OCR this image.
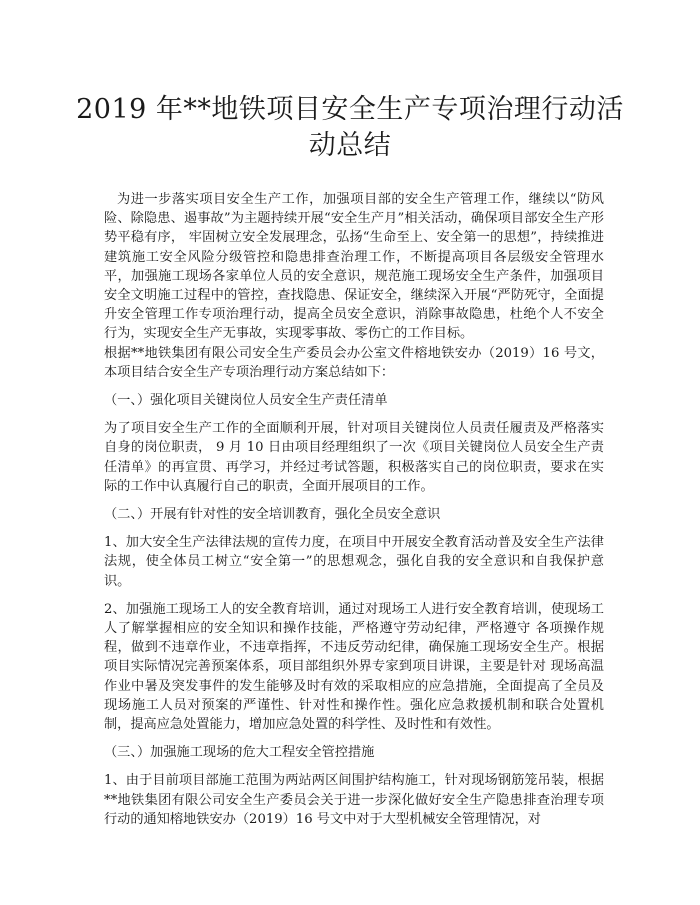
2019 年**地铁项目安全生产专项治理行动活
动总结

为进一步落实项目安全生产工作，加强项目部的安全生产管理工作，继续以“防风险、除隐患、遏事故”为主题持续开展“安全生产月”相关活动，确保项目部安全生产形势平稳有序， 牢固树立安全发展理念，弘扬“生命至上、安全第一的思想”，持续推进建筑施工安全风险分级管控和隐患排查治理工作，不断提高项目各层级安全管理水平，加强施工现场各家单位人员的安全意识，规范施工现场安全生产条件，加强项目安全文明施工过程中的管控，查找隐患、保证安全，继续深入开展“严防死守，全面提升安全管理工作专项治理行动，提高全员安全意识，消除事故隐患，杜绝个人不安全行为，实现安全生产无事故，实现零事故、零伤亡的工作目标。

根据**地铁集团有限公司安全生产委员会办公室文件榕地铁安办（2019）16 号文，本项目结合安全生产专项治理行动方案总结如下：

（一、）强化项目关键岗位人员安全生产责任清单

为了项目安全生产工作的全面顺利开展，针对项目关键岗位人员责任履责及严格落实自身的岗位职责， 9 月 10 日由项目经理组织了一次《项目关键岗位人员安全生产责任清单》的再宣贯、再学习，并经过考试答题，积极落实自己的岗位职责，要求在实际的工作中认真履行自己的职责，全面开展项目的工作。

（二、）开展有针对性的安全培训教育，强化全员安全意识

1、加大安全生产法律法规的宣传力度，在项目中开展安全教育活动普及安全生产法律法规，使全体员工树立“安全第一”的思想观念，强化自我的安全意识和自我保护意识。

2、加强施工现场工人的安全教育培训，通过对现场工人进行安全教育培训，使现场工人了解掌握相应的安全知识和操作技能，严格遵守劳动纪律，严格遵守 各项操作规程，做到不违章作业，不违章指挥，不违反劳动纪律，确保施工现场安全生产。根据项目实际情况完善预案体系，项目部组织外界专家到项目讲课，主要是针对 现场高温作业中暑及突发事件的发生能够及时有效的采取相应的应急措施，全面提高了全员及现场施工人员对预案的严谨性、针对性和操作性。强化应急救援机制和联合处置机制，提高应急处置能力，增加应急处置的科学性、及时性和有效性。

（三、）加强施工现场的危大工程安全管控措施

1、由于目前项目部施工范围为两站两区间围护结构施工，针对现场钢筋笼吊装，根据**地铁集团有限公司安全生产委员会关于进一步深化做好安全生产隐患排查治理专项行动的通知榕地铁安办（2019）16 号文中对于大型机械安全管理情况，对
